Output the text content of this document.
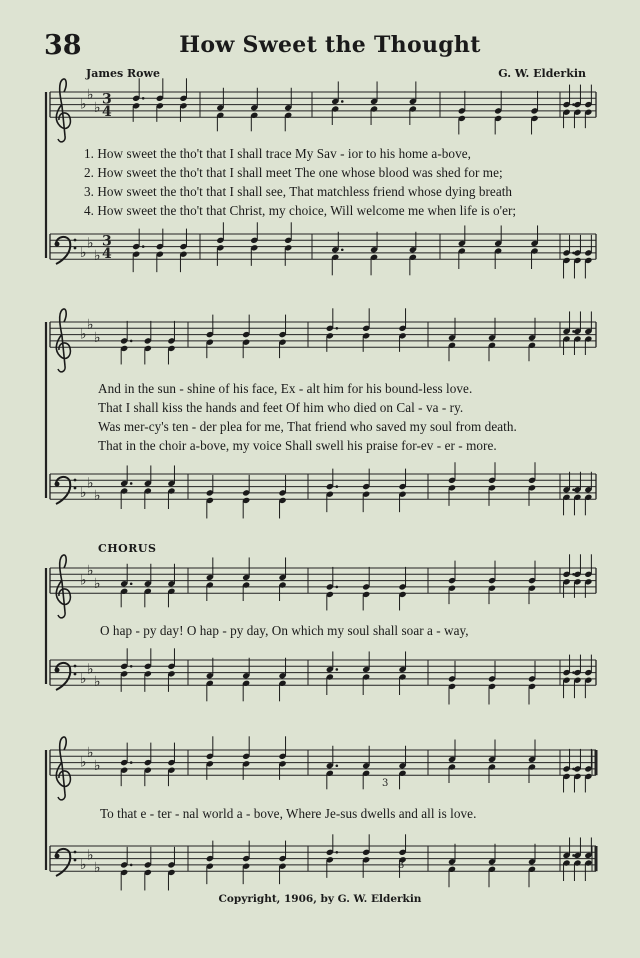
38	How Sweet the Thought
James Rowe	G. W. Elderkin
♭
♭
♭
3
4
♭
♭
♭
3
4
♭
♭
♭
♭
♭
♭
♭
♭
♭
♭
♭
♭
♭
♭
♭
♭
♭
♭
3
3
1. How sweet the tho't that I shall trace My Sav - ior to his home a-bove,
2. How sweet the tho't that I shall meet The one whose blood was shed for me;
3. How sweet the tho't that I shall see, That matchless friend whose dying breath
4. How sweet the tho't that Christ, my choice, Will welcome me when life is o'er;
And in the sun - shine of his face, Ex - alt him for his bound-less love.
That I shall kiss the hands and feet Of him who died on Cal - va - ry.
Was mer-cy's ten - der plea for me, That friend who saved my soul from death.
That in the choir a-bove, my voice Shall swell his praise for-ev - er - more.
CHORUS
O hap - py day! O hap - py day, On which my soul shall soar a - way,
To that e - ter - nal world a - bove, Where Je-sus dwells and all is love.
Copyright, 1906, by G. W. Elderkin
